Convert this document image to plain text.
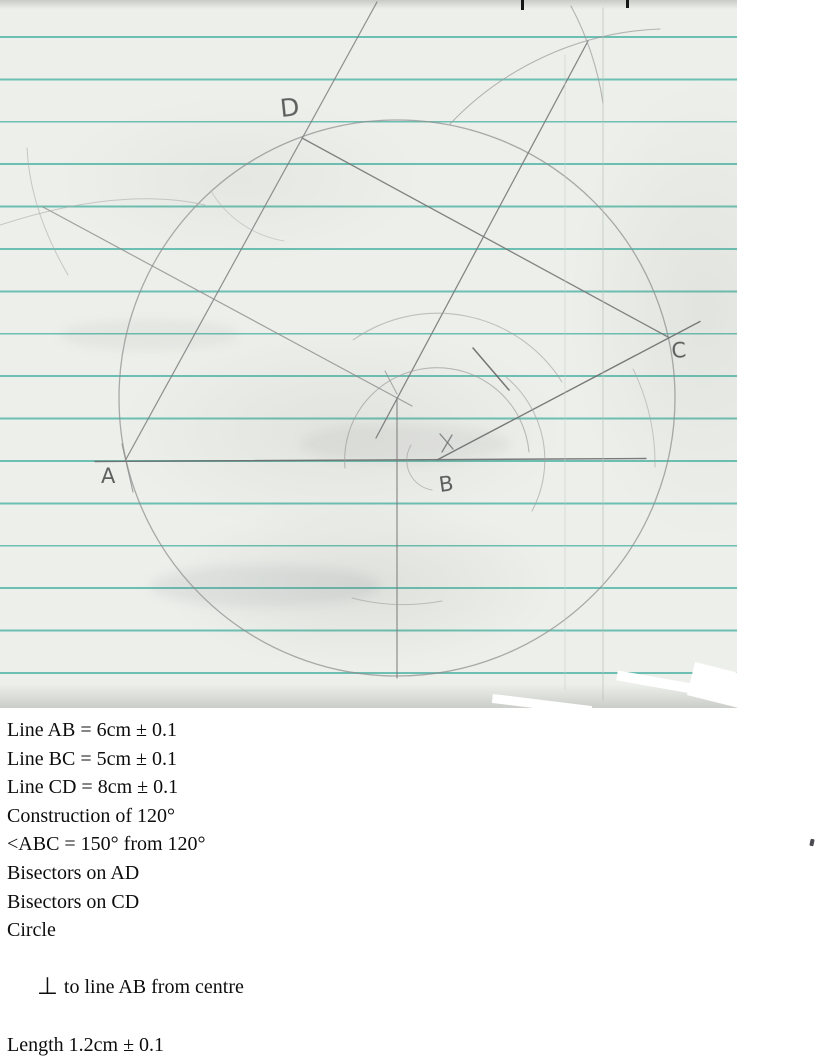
D
A	B
C
Line AB = 6cm ± 0.1
Line BC = 5cm ± 0.1
Line CD = 8cm ± 0.1
Construction of 120°
<ABC = 150° from 120°
Bisectors on AD
Bisectors on CD
Circle

⊥ to line AB from centre

Length 1.2cm ± 0.1
